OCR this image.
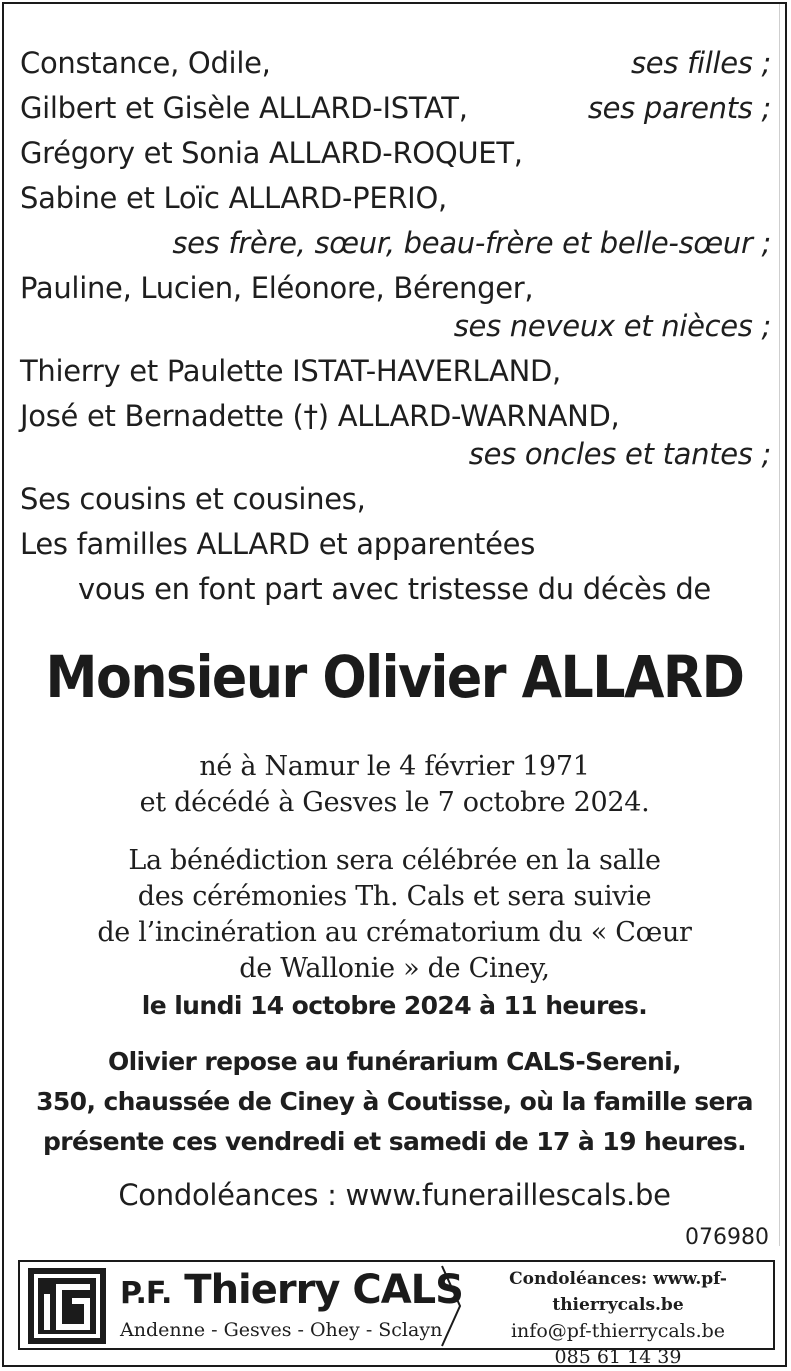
Constance, Odile,	ses filles ;
Gilbert et Gisèle ALLARD-ISTAT,	ses parents ;
Grégory et Sonia ALLARD-ROQUET,
Sabine et Loïc ALLARD-PERIO,
ses frère, sœur, beau-frère et belle-sœur ;
Pauline, Lucien, Eléonore, Bérenger,
ses neveux et nièces ;
Thierry et Paulette ISTAT-HAVERLAND,
José et Bernadette (†) ALLARD-WARNAND,
ses oncles et tantes ;
Ses cousins et cousines,
Les familles ALLARD et apparentées
vous en font part avec tristesse du décès de
Monsieur Olivier ALLARD
né à Namur le 4 février 1971
et décédé à Gesves le 7 octobre 2024.
La bénédiction sera célébrée en la salle
des cérémonies Th. Cals et sera suivie
de l’incinération au crématorium du « Cœur
de Wallonie » de Ciney,
le lundi 14 octobre 2024 à 11 heures.
Olivier repose au funérarium CALS-Sereni,
350, chaussée de Ciney à Coutisse, où la famille sera
présente ces vendredi et samedi de 17 à 19 heures.
Condoléances : www.funeraillescals.be
076980
P.F. Thierry CALS
Andenne - Gesves - Ohey - Sclayn
Condoléances: www.pf-thierrycals.be
info@pf-thierrycals.be
085 61 14 39
